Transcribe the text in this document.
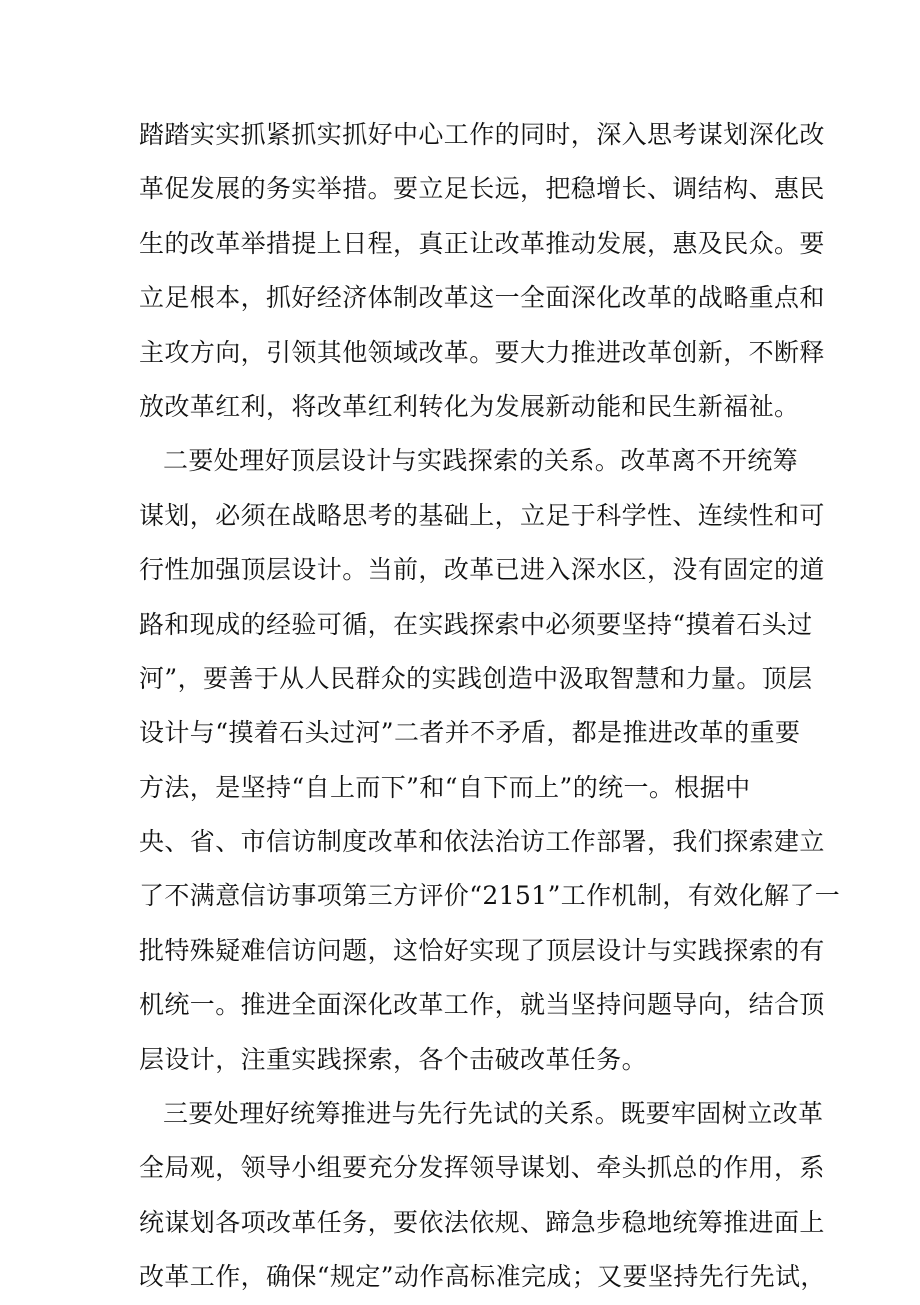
踏踏实实抓紧抓实抓好中心工作的同时，深入思考谋划深化改
革促发展的务实举措。要立足长远，把稳增长、调结构、惠民
生的改革举措提上日程，真正让改革推动发展，惠及民众。要
立足根本，抓好经济体制改革这一全面深化改革的战略重点和
主攻方向，引领其他领域改革。要大力推进改革创新，不断释
放改革红利，将改革红利转化为发展新动能和民生新福祉。
二要处理好顶层设计与实践探索的关系。改革离不开统筹
谋划，必须在战略思考的基础上，立足于科学性、连续性和可
行性加强顶层设计。当前，改革已进入深水区，没有固定的道
路和现成的经验可循，在实践探索中必须要坚持“摸着石头过
河”，要善于从人民群众的实践创造中汲取智慧和力量。顶层
设计与“摸着石头过河”二者并不矛盾，都是推进改革的重要
方法，是坚持“自上而下”和“自下而上”的统一。根据中
央、省、市信访制度改革和依法治访工作部署，我们探索建立
了不满意信访事项第三方评价“2151”工作机制，有效化解了一
批特殊疑难信访问题，这恰好实现了顶层设计与实践探索的有
机统一。推进全面深化改革工作，就当坚持问题导向，结合顶
层设计，注重实践探索，各个击破改革任务。
三要处理好统筹推进与先行先试的关系。既要牢固树立改革
全局观，领导小组要充分发挥领导谋划、牵头抓总的作用，系
统谋划各项改革任务，要依法依规、蹄急步稳地统筹推进面上
改革工作，确保“规定”动作高标准完成；又要坚持先行先试，
